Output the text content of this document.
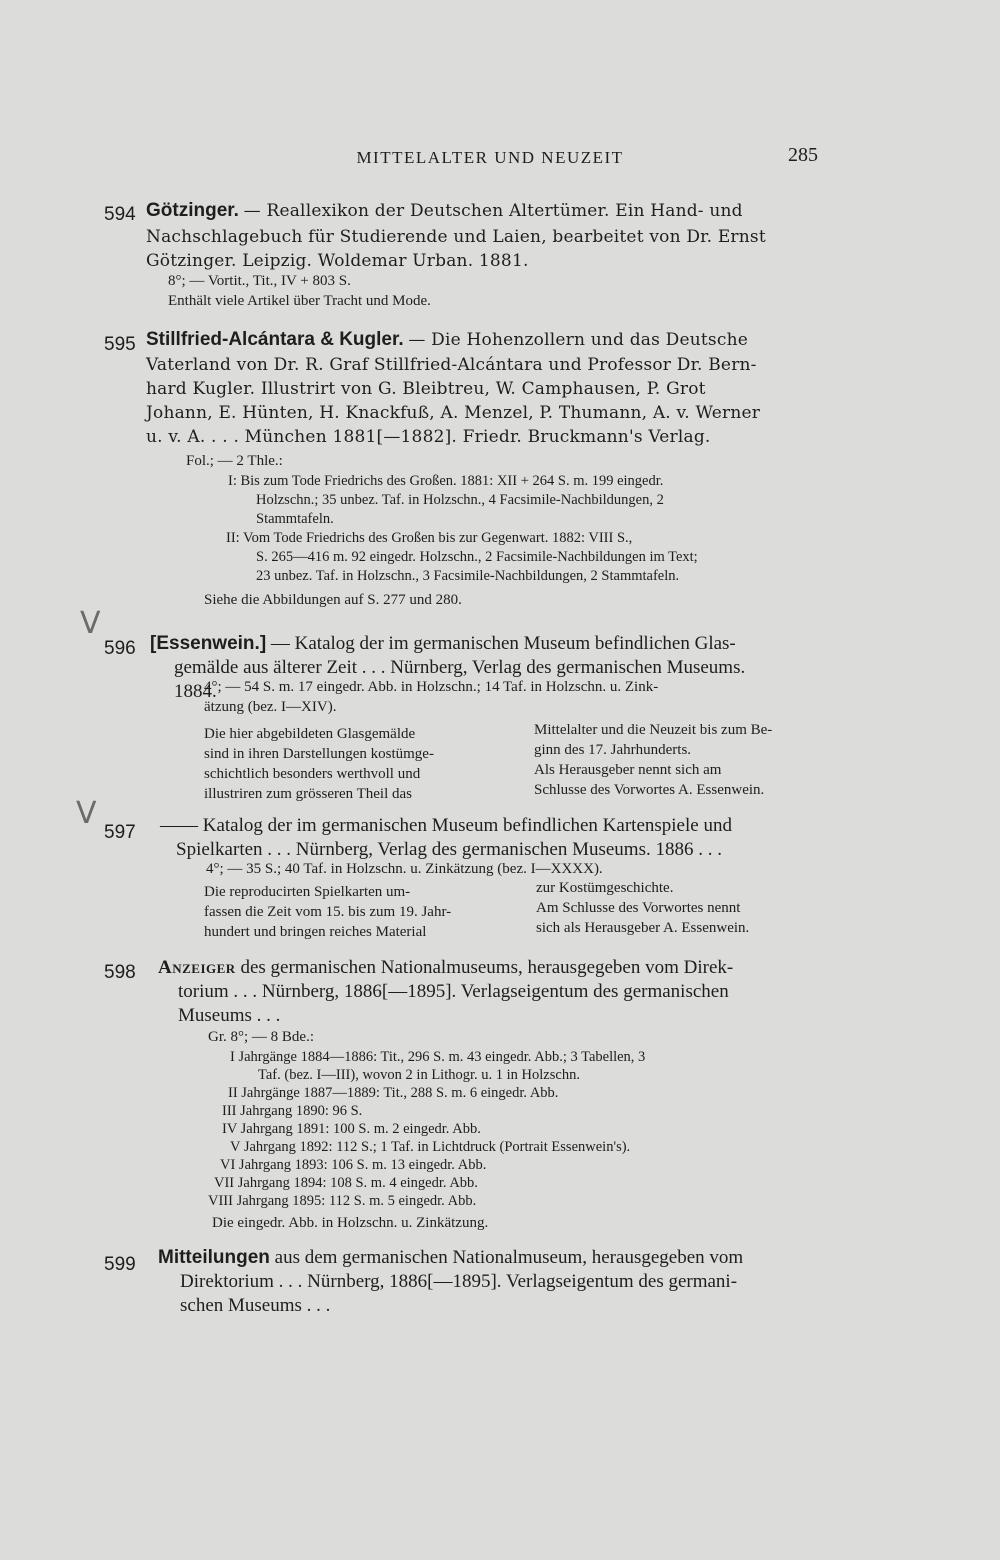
MITTELALTER UND NEUZEIT	285
594 Götzinger. — Reallexikon der Deutschen Altertümer. Ein Hand- und
Nachschlagebuch für Studierende und Laien, bearbeitet von Dr. Ernst
Götzinger. Leipzig. Woldemar Urban. 1881.
8°; — Vortit., Tit., IV + 803 S.
Enthält viele Artikel über Tracht und Mode.
595 Stillfried-Alcántara & Kugler. — Die Hohenzollern und das Deutsche
Vaterland von Dr. R. Graf Stillfried-Alcántara und Professor Dr. Bern-
hard Kugler. Illustrirt von G. Bleibtreu, W. Camphausen, P. Grot
Johann, E. Hünten, H. Knackfuß, A. Menzel, P. Thumann, A. v. Werner
u. v. A. . . . München 1881[—1882]. Friedr. Bruckmann's Verlag.
Fol.; — 2 Thle.:
I: Bis zum Tode Friedrichs des Großen. 1881: XII + 264 S. m. 199 eingedr.
Holzschn.; 35 unbez. Taf. in Holzschn., 4 Facsimile-Nachbildungen, 2
Stammtafeln.
II: Vom Tode Friedrichs des Großen bis zur Gegenwart. 1882: VIII S.,
S. 265—416 m. 92 eingedr. Holzschn., 2 Facsimile-Nachbildungen im Text;
23 unbez. Taf. in Holzschn., 3 Facsimile-Nachbildungen, 2 Stammtafeln.
Siehe die Abbildungen auf S. 277 und 280.
V
596 [Essenwein.] — Katalog der im germanischen Museum befindlichen Glas-
gemälde aus älterer Zeit . . . Nürnberg, Verlag des germanischen Museums.
1884.
4°; — 54 S. m. 17 eingedr. Abb. in Holzschn.; 14 Taf. in Holzschn. u. Zink-
ätzung (bez. I—XIV).
Die hier abgebildeten Glasgemälde
sind in ihren Darstellungen kostümge-
schichtlich besonders werthvoll und
illustriren zum grösseren Theil das
Mittelalter und die Neuzeit bis zum Be-
ginn des 17. Jahrhunderts.
Als Herausgeber nennt sich am
Schlusse des Vorwortes A. Essenwein.
V
597 —— Katalog der im germanischen Museum befindlichen Kartenspiele und
Spielkarten . . . Nürnberg, Verlag des germanischen Museums. 1886 . . .
4°; — 35 S.; 40 Taf. in Holzschn. u. Zinkätzung (bez. I—XXXX).
Die reproducirten Spielkarten um-
fassen die Zeit vom 15. bis zum 19. Jahr-
hundert und bringen reiches Material
zur Kostümgeschichte.
Am Schlusse des Vorwortes nennt
sich als Herausgeber A. Essenwein.
598 Anzeiger des germanischen Nationalmuseums, herausgegeben vom Direk-
torium . . . Nürnberg, 1886[—1895]. Verlagseigentum des germanischen
Museums . . .
Gr. 8°; — 8 Bde.:
I Jahrgänge 1884—1886: Tit., 296 S. m. 43 eingedr. Abb.; 3 Tabellen, 3
Taf. (bez. I—III), wovon 2 in Lithogr. u. 1 in Holzschn.
II Jahrgänge 1887—1889: Tit., 288 S. m. 6 eingedr. Abb.
III Jahrgang 1890: 96 S.
IV Jahrgang 1891: 100 S. m. 2 eingedr. Abb.
V Jahrgang 1892: 112 S.; 1 Taf. in Lichtdruck (Portrait Essenwein's).
VI Jahrgang 1893: 106 S. m. 13 eingedr. Abb.
VII Jahrgang 1894: 108 S. m. 4 eingedr. Abb.
VIII Jahrgang 1895: 112 S. m. 5 eingedr. Abb.
Die eingedr. Abb. in Holzschn. u. Zinkätzung.
599 Mitteilungen aus dem germanischen Nationalmuseum, herausgegeben vom
Direktorium . . . Nürnberg, 1886[—1895]. Verlagseigentum des germani-
schen Museums . . .
